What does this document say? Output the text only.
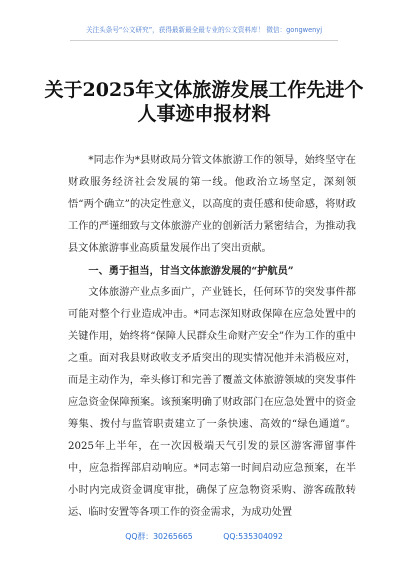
关注头条号“公文研究”，获得最新最全最专业的公文资料库！ 微信：gongwenyj
关于2025年文体旅游发展工作先进个
人事迹申报材料

*同志作为*县财政局分管文体旅游工作的领导，始终坚守在财政服务经济社会发展的第一线。他政治立场坚定，深刻领悟“两个确立”的决定性意义，以高度的责任感和使命感，将财政工作的严谨细致与文体旅游产业的创新活力紧密结合，为推动我县文体旅游事业高质量发展作出了突出贡献。

一、勇于担当，甘当文体旅游发展的“护航员”

文体旅游产业点多面广，产业链长，任何环节的突发事件都可能对整个行业造成冲击。*同志深知财政保障在应急处置中的关键作用，始终将“保障人民群众生命财产安全”作为工作的重中之重。面对我县财政收支矛盾突出的现实情况他并未消极应对，而是主动作为，牵头修订和完善了覆盖文体旅游领域的突发事件应急资金保障预案。该预案明确了财政部门在应急处置中的资金筹集、拨付与监管职责建立了一条快速、高效的“绿色通道”。2025年上半年，在一次因极端天气引发的景区游客滞留事件中，应急指挥部启动响应。*同志第一时间启动应急预案，在半小时内完成资金调度审批，确保了应急物资采购、游客疏散转运、临时安置等各项工作的资金需求，为成功处置

QQ群：30265665	QQ:535304092
